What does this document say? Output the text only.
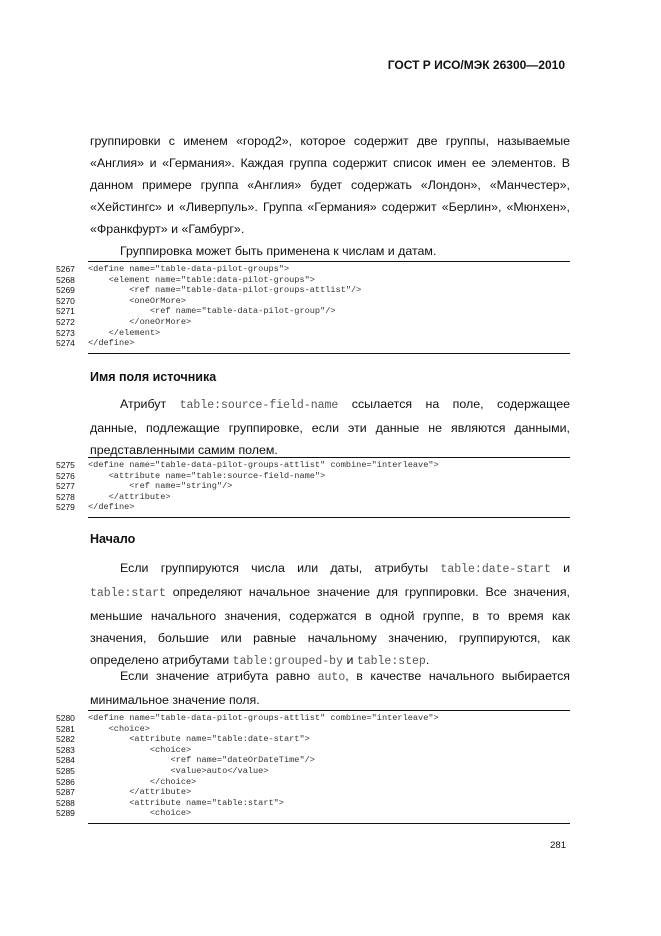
ГОСТ Р ИСО/МЭК 26300—2010
группировки с именем «город2», которое содержит две группы, называемые
«Англия» и «Германия». Каждая группа содержит список имен ее элементов. В
данном примере группа «Англия» будет содержать «Лондон», «Манчестер»,
«Хейстингс» и «Ливерпуль». Группа «Германия» содержит «Берлин», «Мюнхен»,
«Франкфурт» и «Гамбург».
Группировка может быть применена к числам и датам.
5267	<define name="table-data-pilot-groups">
5268	<element name="table:data-pilot-groups">
5269	<ref name="table-data-pilot-groups-attlist"/>
5270	<oneOrMore>
5271	<ref name="table-data-pilot-group"/>
5272	</oneOrMore>
5273	</element>
5274	</define>
Имя поля источника
Атрибут table:source-field-name ссылается на поле, содержащее
данные, подлежащие группировке, если эти данные не являются данными,
представленными самим полем.
5275	<define name="table-data-pilot-groups-attlist" combine="interleave">
5276	<attribute name="table:source-field-name">
5277	<ref name="string"/>
5278	</attribute>
5279	</define>
Начало
Если группируются числа или даты, атрибуты table:date-start и
table:start определяют начальное значение для группировки. Все значения,
меньшие начального значения, содержатся в одной группе, в то время как
значения, большие или равные начальному значению, группируются, как
определено атрибутами table:grouped-by и table:step.
Если значение атрибута равно auto, в качестве начального выбирается
минимальное значение поля.
5280	<define name="table-data-pilot-groups-attlist" combine="interleave">
5281	<choice>
5282	<attribute name="table:date-start">
5283	<choice>
5284	<ref name="dateOrDateTime"/>
5285	<value>auto</value>
5286	</choice>
5287	</attribute>
5288	<attribute name="table:start">
5289	<choice>
281
